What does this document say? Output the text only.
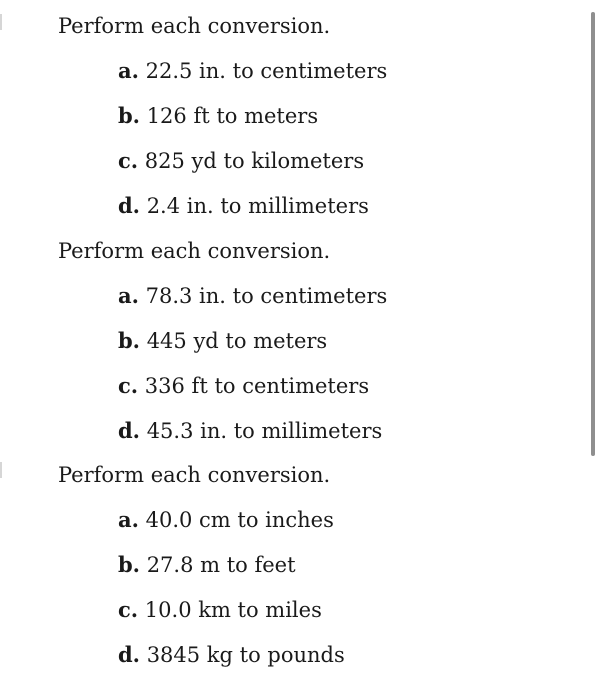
Perform each conversion.
a. 22.5 in. to centimeters
b. 126 ft to meters
c. 825 yd to kilometers
d. 2.4 in. to millimeters
Perform each conversion.
a. 78.3 in. to centimeters
b. 445 yd to meters
c. 336 ft to centimeters
d. 45.3 in. to millimeters
Perform each conversion.
a. 40.0 cm to inches
b. 27.8 m to feet
c. 10.0 km to miles
d. 3845 kg to pounds
